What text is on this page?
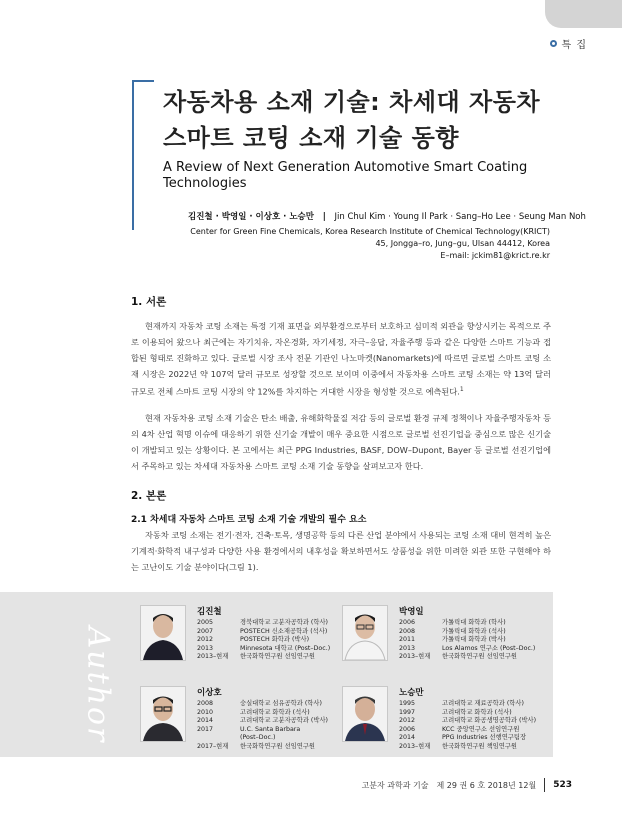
특 집
자동차용 소재 기술: 차세대 자동차
스마트 코팅 소재 기술 동향
A Review of Next Generation Automotive Smart Coating
Technologies
김진철 · 박영일 · 이상호 · 노승만 | Jin Chul Kim · Young Il Park · Sang–Ho Lee · Seung Man Noh
Center for Green Fine Chemicals, Korea Research Institute of Chemical Technology(KRICT)
45, Jongga–ro, Jung–gu, Ulsan 44412, Korea
E–mail: jckim81@krict.re.kr
1. 서론
현재까지 자동차 코팅 소재는 특정 기재 표면을 외부환경으로부터 보호하고 심미적 외관을 향상시키는 목적으로 주로 이용되어 왔으나 최근에는 자기치유, 자온경화, 자기세정, 자극–응답, 자율주행 등과 같은 다양한 스마트 기능과 접합된 형태로 진화하고 있다. 글로벌 시장 조사 전문 기관인 나노마켓(Nanomarkets)에 따르면 글로벌 스마트 코팅 소재 시장은 2022년 약 107억 달러 규모로 성장할 것으로 보이며 이중에서 자동차용 스마트 코팅 소재는 약 13억 달러 규모로 전체 스마트 코팅 시장의 약 12%를 차지하는 거대한 시장을 형성할 것으로 예측된다.$^1$
현재 자동차용 코팅 소재 기술은 탄소 배출, 유해화학물질 저감 등의 글로벌 환경 규제 정책이나 자율주행자동차 등의 4차 산업 혁명 이슈에 대응하기 위한 신기술 개발이 매우 중요한 시점으로 글로벌 선진기업을 중심으로 많은 신기술이 개발되고 있는 상황이다. 본 고에서는 최근 PPG Industries, BASF, DOW–Dupont, Bayer 등 글로벌 선진기업에서 주목하고 있는 차세대 자동차용 스마트 코팅 소재 기술 동향을 살펴보고자 한다.
2. 본론
2.1 차세대 자동차 스마트 코팅 소재 기술 개발의 필수 요소
자동차 코팅 소재는 전기·전자, 건축·토목, 생명공학 등의 다른 산업 분야에서 사용되는 코팅 소재 대비 현격히 높은 기계적·화학적 내구성과 다양한 사용 환경에서의 내후성을 확보하면서도 상품성을 위한 미려한 외관 또한 구현해야 하는 고난이도 기술 분야이다(그림 1).
Author
김진철
2005	경북대학교 고분자공학과 (학사)
2007	POSTECH 신소재공학과 (석사)
2012	POSTECH 화학과 (박사)
2013	Minnesota 대학교 (Post–Doc.)
2013–현재	한국화학연구원 선임연구원
박영일
2006	가톨릭대 화학과 (학사)
2008	가톨릭대 화학과 (석사)
2011	가톨릭대 화학과 (박사)
2013	Los Alamos 연구소 (Post–Doc.)
2013–현재	한국화학연구원 선임연구원
이상호
2008	숭실대학교 섬유공학과 (학사)
2010	고려대학교 화학과 (석사)
2014	고려대학교 고분자공학과 (박사)
2017	U.C. Santa Barbara
(Post–Doc.)
2017–현재	한국화학연구원 선임연구원
노승만
1995	고려대학교 재료공학과 (학사)
1997	고려대학교 화학과 (석사)
2012	고려대학교 화공생명공학과 (박사)
2006	KCC 중앙연구소 선임연구원
2014	PPG Industries 선행연구팀장
2013–현재	한국화학연구원 책임연구원
고분자 과학과 기술 제 29 권 6 호 2018년 12월 523
